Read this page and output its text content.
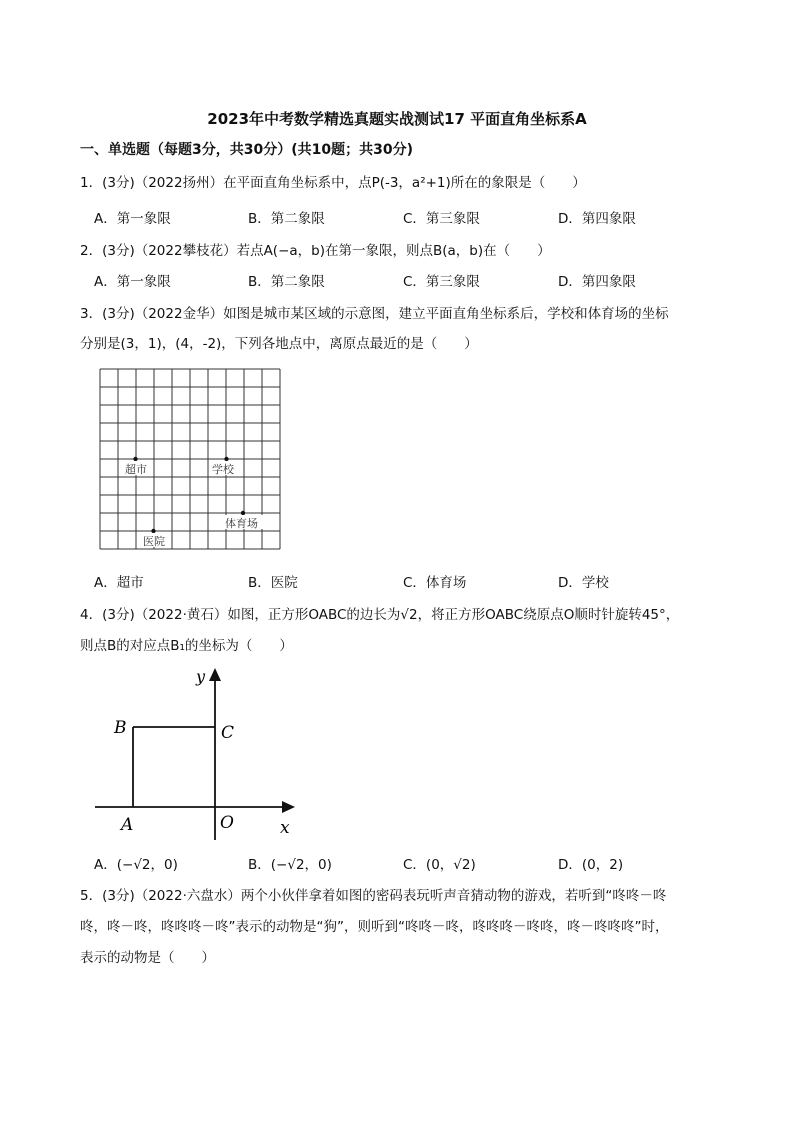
2023年中考数学精选真题实战测试17 平面直角坐标系A
一、单选题（每题3分，共30分）(共10题；共30分)
1．(3分)（2022扬州）在平面直角坐标系中，点P(-3，a²+1)所在的象限是（　　）
A．第一象限	B．第二象限	C．第三象限	D．第四象限
2．(3分)（2022攀枝花）若点A(−a，b)在第一象限，则点B(a，b)在（　　）
A．第一象限	B．第二象限	C．第三象限	D．第四象限
3．(3分)（2022金华）如图是城市某区域的示意图，建立平面直角坐标系后，学校和体育场的坐标
分别是(3，1)，(4，-2)，下列各地点中，离原点最近的是（　　）
超市	学校
体育场
医院
A．超市	B．医院	C．体育场	D．学校
4．(3分)（2022·黄石）如图，正方形OABC的边长为√2，将正方形OABC绕原点O顺时针旋转45°，
则点B的对应点B₁的坐标为（　　）
y
x
B	C
A	O
A．(−√2，0)	B．(−√2，0)	C．(0，√2)	D．(0，2)
5．(3分)（2022·六盘水）两个小伙伴拿着如图的密码表玩听声音猜动物的游戏，若听到“咚咚－咚
咚，咚－咚，咚咚咚－咚”表示的动物是“狗”，则听到“咚咚－咚，咚咚咚－咚咚，咚－咚咚咚”时，
表示的动物是（　　）
